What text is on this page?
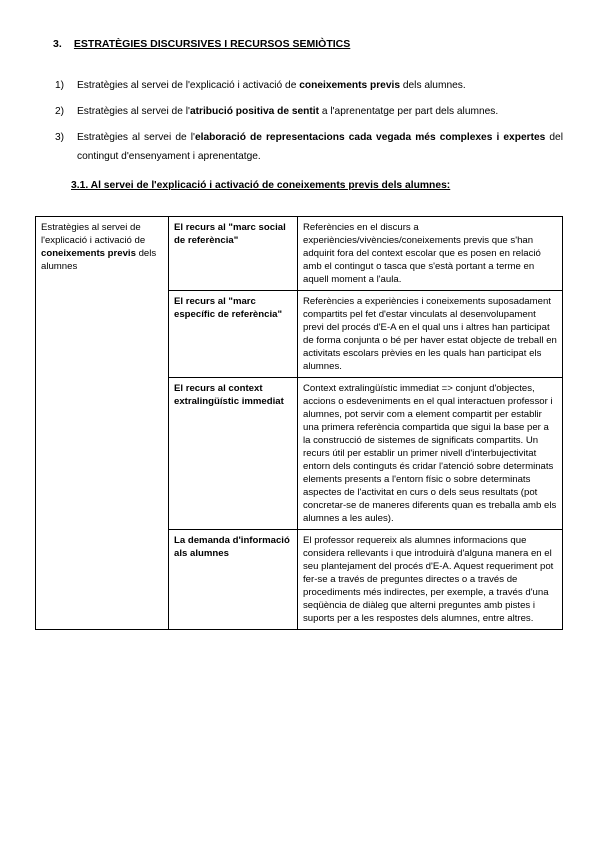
3. ESTRATÈGIES DISCURSIVES I RECURSOS SEMIÒTICS
1)	Estratègies al servei de l'explicació i activació de coneixements previs dels alumnes.
2)	Estratègies al servei de l'atribució positiva de sentit a l'aprenentatge per part dels alumnes.
3)	Estratègies al servei de l'elaboració de representacions cada vegada més complexes i expertes del contingut d'ensenyament i aprenentatge.
3.1. Al servei de l'explicació i activació de coneixements previs dels alumnes:
Estratègies al servei de l'explicació i activació de coneixements previs dels alumnes	El recurs al "marc social de referència"	Referències en el discurs a experiències/vivències/coneixements previs que s'han adquirit fora del context escolar que es posen en relació amb el contingut o tasca que s'està portant a terme en aquell moment a l'aula.
	El recurs al "marc específic de referència"	Referències a experiències i coneixements suposadament compartits pel fet d'estar vinculats al desenvolupament previ del procés d'E-A en el qual uns i altres han participat de forma conjunta o bé per haver estat objecte de treball en activitats escolars prèvies en les quals han participat els alumnes.
	El recurs al context extralingüístic immediat	Context extralingüístic immediat => conjunt d'objectes, accions o esdeveniments en el qual interactuen professor i alumnes, pot servir com a element compartit per establir una primera referència compartida que sigui la base per a la construcció de sistemes de significats compartits. Un recurs útil per establir un primer nivell d'interbujectivitat entorn dels continguts és cridar l'atenció sobre determinats elements presents a l'entorn físic o sobre determinats aspectes de l'activitat en curs o dels seus resultats (pot concretar-se de maneres diferents quan es treballa amb els alumnes a les aules).
	La demanda d'informació als alumnes	El professor requereix als alumnes informacions que considera rellevants i que introduirà d'alguna manera en el seu plantejament del procés d'E-A. Aquest requeriment pot fer-se a través de preguntes directes o a través de procediments més indirectes, per exemple, a través d'una seqüència de diàleg que alterni preguntes amb pistes i suports per a les respostes dels alumnes, entre altres.
